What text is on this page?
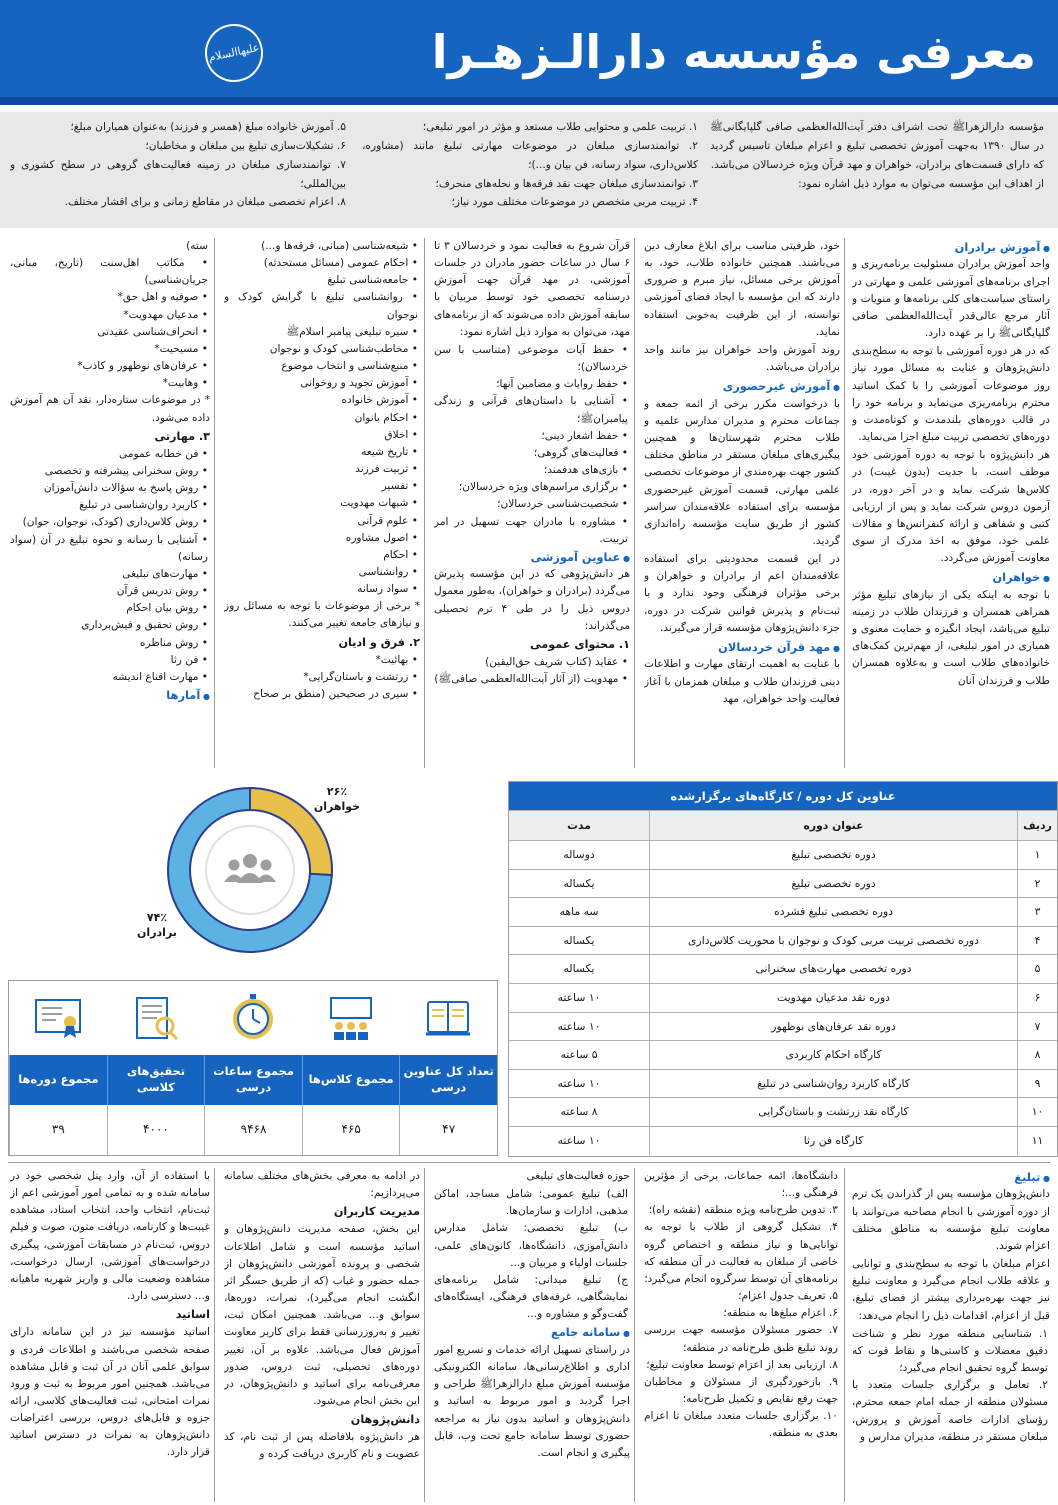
معرفی مؤسسه دارالـزهـرا
علیهاالسلام

مؤسسه دارالزهراﷺ تحت اشراف دفتر آیت‌الله‌العظمی صافی گلپایگانیﷺ در سال ۱۳۹۰ به‌جهت آموزش تخصصی تبلیغ و اعزام مبلغان تاسیس گردید که دارای قسمت‌های برادران، خواهران و مهد قرآن ویژه خردسالان می‌باشد.

از اهداف این مؤسسه می‌توان به موارد ذیل اشاره نمود:

۱. تربیت علمی و محتوایی طلاب مستعد و مؤثر در امور تبلیغی؛

۲. توانمندسازی مبلغان در موضوعات مهارتی تبلیغ مانند (مشاوره، کلاس‌داری، سواد رسانه، فن بیان و...)؛

۳. توانمندسازی مبلغان جهت نقد فرقه‌ها و نحله‌های منحرف؛

۴. تربیت مربی متخصص در موضوعات مختلف مورد نیاز؛

۵. آموزش خانواده مبلغ (همسر و فرزند) به‌عنوان همیاران مبلغ؛

۶. تشکیلات‌سازی تبلیغ بین مبلغان و مخاطبان؛

۷. توانمندسازی مبلغان در زمینه فعالیت‌های گروهی در سطح کشوری و بین‌المللی؛

۸. اعزام تخصصی مبلغان در مقاطع زمانی و برای اقشار مختلف.

● آموزش برادران

واحد آموزش برادران مسئولیت برنامه‌ریزی و اجرای برنامه‌های آموزشی علمی و مهارتی در راستای سیاست‌های کلی برنامه‌ها و منویات و آثار مرجع عالی‌قدر آیت‌الله‌العظمی صافی گلپایگانیﷺ را بر عهده دارد.

که در هر دوره آموزشی با توجه به سطح‌بندی دانش‌پژوهان و عنایت به مسائل مورد نیاز روز موضوعات آموزشی را با کمک اساتید محترم برنامه‌ریزی می‌نماید و برنامه خود را در قالب دوره‌های بلندمدت و کوتاه‌مدت و دوره‌های تخصصی تربیت مبلغ اجرا می‌نماید.

هر دانش‌پژوه با توجه به دوره آموزشی خود موظف است، با جدیت (بدون غیبت) در کلاس‌ها شرکت نماید و در آخر دوره، در آزمون دروس شرکت نماید و پس از ارزیابی کتبی و شفاهی و ارائه کنفرانس‌ها و مقالات علمی خود، موفق به اخذ مدرک از سوی معاونت آموزش می‌گردد.

● خواهران

با توجه به اینکه یکی از نیازهای تبلیغ مؤثر همراهی همسران و فرزندان طلاب در زمینه تبلیغ می‌باشد، ایجاد انگیزه و حمایت معنوی و همیاری در امور تبلیغی، از مهم‌ترین کمک‌های خانواده‌های طلاب است و به‌علاوه همسران طلاب و فرزندان آنان

خود، ظرفیتی مناسب برای ابلاغ معارف دین می‌باشند. همچنین خانواده طلاب، خود، به آموزش برخی مسائل، نیاز مبرم و ضروری دارند که این مؤسسه با ایجاد فضای آموزشی توانسته، از این ظرفیت به‌خوبی استفاده نماید.

روند آموزش واحد خواهران نیز مانند واحد برادران می‌باشد.

● آموزش غیرحضوری

با درخواست مکرر برخی از ائمه جمعه و جماعات محترم و مدیران مدارس علمیه و طلاب محترم شهرستان‌ها و همچنین پیگیری‌های مبلغان مستقر در مناطق مختلف کشور جهت بهره‌مندی از موضوعات تخصصی علمی مهارتی، قسمت آموزش غیرحضوری مؤسسه برای استفاده علاقه‌مندان سراسر کشور از طریق سایت مؤسسه راه‌اندازی گردید.

در این قسمت محدودیتی برای استفاده علاقه‌مندان اعم از برادران و خواهران و برخی مؤثران فرهنگی وجود ندارد و با ثبت‌نام و پذیرش قوانین شرکت در دوره، جزء دانش‌پژوهان مؤسسه قرار می‌گیرند.

● مهد قرآن خردسالان

با عنایت به اهمیت ارتقای مهارت و اطلاعات دینی فرزندان طلاب و مبلغان همزمان با آغاز فعالیت واحد خواهران، مهد

قرآن شروع به فعالیت نمود و خردسالان ۳ تا ۶ سال در ساعات حضور مادران در جلسات آموزشی، در مهد قرآن جهت آموزش درسنامه تخصصی خود توسط مربیان با سابقه آموزش داده می‌شوند که از برنامه‌های مهد، می‌توان به موارد ذیل اشاره نمود:

• حفظ آیات موضوعی (متناسب با سن خردسالان)؛
• حفظ روایات و مضامین آنها؛
• آشنایی با داستان‌های قرآنی و زندگی پیامبرانﷺ؛
• حفظ اشعار دینی؛
• فعالیت‌های گروهی؛
• بازی‌های هدفمند؛
• برگزاری مراسم‌های ویژه خردسالان؛
• شخصیت‌شناسی خردسالان؛
• مشاوره با مادران جهت تسهیل در امر تربیت.
● عناوین آموزشی

هر دانش‌پژوهی که در این مؤسسه پذیرش می‌گردد (برادران و خواهران)، به‌طور معمول دروس ذیل را در طی ۴ ترم تحصیلی می‌گذراند:

۱. محتوای عمومی
• عقاید (کتاب شریف حق‌الیقین)
• مهدویت (از آثار آیت‌الله‌العظمی صافیﷺ)
• شیعه‌شناسی (مبانی، فرقه‌ها و...)
• احکام عمومی (مسائل مستحدثه)
• جامعه‌شناسی تبلیغ
• روانشناسی تبلیغ با گرایش کودک و نوجوان
• سیره تبلیغی پیامبر اسلامﷺ
• مخاطب‌شناسی کودک و نوجوان
• منبع‌شناسی و انتخاب موضوع
• آموزش تجوید و روخوانی
• آموزش خانواده
• احکام بانوان
• اخلاق
• تاریخ شیعه
• تربیت فرزند
• تفسیر
• شبهات مهدویت
• علوم قرآنی
• اصول مشاوره
• احکام
• روانشناسی
• سواد رسانه

* برخی از موضوعات با توجه به مسائل روز و نیازهای جامعه تغییر می‌کنند.

۲. فرق و ادیان
• بهائیت*
• زرتشت و باستان‌گرایی*
• سیری در صحیحین (منطق بر صحاح
سته)
• مکاتب اهل‌سنت (تاریخ، مبانی، جریان‌شناسی)
• صوفیه و اهل حق*
• مدعیان مهدویت*
• انحراف‌شناسی عقیدتی
• مسیحیت*
• عرفان‌های نوظهور و کاذب*
• وهابیت*

* در موضوعات ستاره‌دار، نقد آن هم آموزش داده می‌شود.

۳. مهارتی
• فن خطابه عمومی
• روش سخنرانی پیشرفته و تخصصی
• روش پاسخ به سؤالات دانش‌آموزان
• کاربرد روان‌شناسی در تبلیغ
• روش کلاس‌داری (کودک، نوجوان، جوان)
• آشنایی با رسانه و نحوه تبلیغ در آن (سواد رسانه)
• مهارت‌های تبلیغی
• روش تدریس قرآن
• روش بیان احکام
• روش تحقیق و فیش‌برداری
• روش مناظره
• فن رثا
• مهارت اقناع اندیشه
● آمارها
۲۶٪
خواهران
۷۴٪
برادران
عناوین کل دوره / کارگاه‌های برگزارشده
ردیف
عنوان دوره
مدت
۱
دوره تخصصی تبلیغ
دوساله
۲
دوره تخصصی تبلیغ
یکساله
۳
دوره تخصصی تبلیغ فشرده
سه ماهه
۴
دوره تخصصی تربیت مربی کودک و نوجوان با محوریت کلاس‌داری
یکساله
۵
دوره تخصصی مهارت‌های سخنرانی
یکساله
۶
دوره نقد مدعیان مهدویت
۱۰ ساعته
۷
دوره نقد عرفان‌های نوظهور
۱۰ ساعته
۸
کارگاه احکام کاربردی
۵ ساعته
۹
کارگاه کاربرد روان‌شناسی در تبلیغ
۱۰ ساعته
۱۰
کارگاه نقد زرتشت و باستان‌گرایی
۸ ساعته
۱۱
کارگاه فن رثا
۱۰ ساعته
تعداد کل عناوین درسی
مجموع کلاس‌ها
مجموع ساعات درسی
تحقیق‌های کلاسی
مجموع دوره‌ها
۴۷
۴۶۵
۹۴۶۸
۴۰۰۰
۳۹
● تبلیغ

دانش‌پژوهان مؤسسه پس از گذراندن یک ترم از دوره آموزشی با انجام مصاحبه می‌توانند با معاونت تبلیغ مؤسسه به مناطق مختلف اعزام شوند.

اعزام مبلغان با توجه به سطح‌بندی و توانایی و علاقه طلاب انجام می‌گیرد و معاونت تبلیغ نیز جهت بهره‌برداری بیشتر از فضای تبلیغ، قبل از اعزام، اقدامات ذیل را انجام می‌دهد:

۱. شناسایی منطقه مورد نظر و شناخت دقیق معضلات و کاستی‌ها و نقاط قوت که توسط گروه تحقیق انجام می‌گیرد؛
۲. تعامل و برگزاری جلسات متعدد با مسئولان منطقه از جمله امام جمعه محترم، رؤسای ادارات خاصه آموزش و پرورش، مبلغان مستقر در منطقه، مدیران مدارس و
دانشگاه‌ها، ائمه جماعات، برخی از مؤثرین فرهنگی و...؛
۳. تدوین طرح‌نامه ویژه منطقه (نقشه راه)؛
۴. تشکیل گروهی از طلاب با توجه به توانایی‌ها و نیاز منطقه و اختصاص گروه خاصی از مبلغان به فعالیت در آن منطقه که برنامه‌های آن توسط سرگروه انجام می‌گیرد؛
۵. تعریف جدول اعزام؛
۶. اعزام مبلغ‌ها به منطقه؛
۷. حضور مسئولان مؤسسه جهت بررسی روند تبلیغ طبق طرح‌نامه در منطقه؛
۸. ارزیابی بعد از اعزام توسط معاونت تبلیغ؛
۹. بازخوردگیری از مسئولان و مخاطبان جهت رفع نقایص و تکمیل طرح‌نامه؛
۱۰. برگزاری جلسات متعدد مبلغان تا اعزام بعدی به منطقه.

حوزه فعالیت‌های تبلیغی

الف) تبلیغ عمومی: شامل مساجد، اماکن مذهبی، ادارات و سازمان‌ها.
ب) تبلیغ تخصصی: شامل مدارس دانش‌آموزی، دانشگاه‌ها، کانون‌های علمی، جلسات اولیاء و مربیان و...
ج) تبلیغ میدانی: شامل برنامه‌های نمایشگاهی، غرفه‌های فرهنگی، ایستگاه‌های گفت‌وگو و مشاوره و...
● سامانه جامع

در راستای تسهیل ارائه خدمات و تسریع امور اداری و اطلاع‌رسانی‌ها، سامانه الکترونیکی مؤسسه آموزش مبلغ دارالزهراﷺ طراحی و اجرا گردید و امور مربوط به اساتید و دانش‌پژوهان و اساتید بدون نیاز به مراجعه حضوری توسط سامانه جامع تحت وب، قابل پیگیری و انجام است.

در ادامه به معرفی بخش‌های مختلف سامانه می‌پردازیم:

مدیریت کاربران

این بخش، صفحه مدیریت دانش‌پژوهان و اساتید مؤسسه است و شامل اطلاعات شخصی و پرونده آموزشی دانش‌پژوهان از جمله حضور و غیاب (که از طریق حسگر اثر انگشت انجام می‌گیرد)، نمرات، دوره‌ها، سوابق و... می‌باشد. همچنین امکان ثبت، تغییر و به‌روزرسانی فقط برای کاربر معاونت آموزش فعال می‌باشد. علاوه بر آن، تغییر دوره‌های تحصیلی، ثبت دروس، صدور معرفی‌نامه برای اساتید و دانش‌پژوهان، در این بخش انجام می‌شود.

دانش‌پژوهان

هر دانش‌پژوه بلافاصله پس از ثبت نام، کد عضویت و نام کاربری دریافت کرده و

با استفاده از آن، وارد پنل شخصی خود در سامانه شده و به تمامی امور آموزشی اعم از ثبت‌نام، انتخاب واحد، انتخاب استاد، مشاهده غیبت‌ها و کارنامه، دریافت متون، صوت و فیلم دروس، ثبت‌نام در مسابقات آموزشی، پیگیری درخواست‌های آموزشی، ارسال درخواست، مشاهده وضعیت مالی و واریز شهریه ماهیانه و... دسترسی دارد.

اساتید

اساتید مؤسسه نیز در این سامانه دارای صفحه شخصی می‌باشند و اطلاعات فردی و سوابق علمی آنان در آن ثبت و قابل مشاهده می‌باشد. همچنین امور مربوط به ثبت و ورود نمرات امتحانی، ثبت فعالیت‌های کلاسی، ارائه جزوه و فایل‌های دروس، بررسی اعتراضات دانش‌پژوهان به نمرات در دسترس اساتید قرار دارد.
